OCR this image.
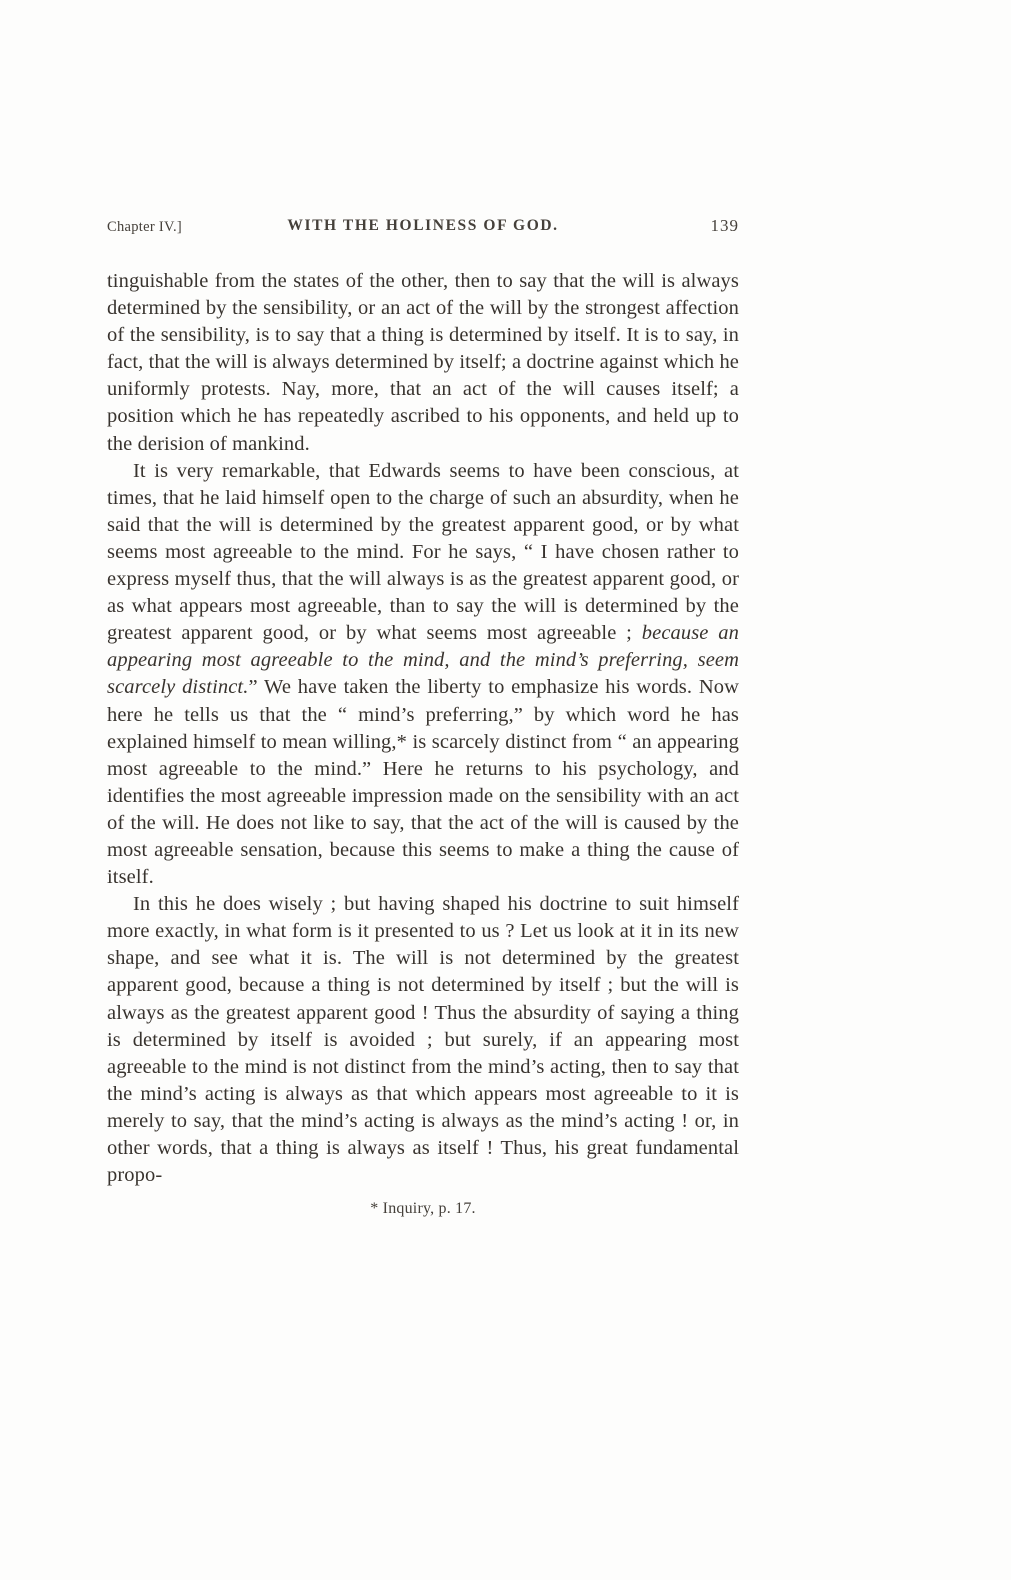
Chapter IV.]	WITH THE HOLINESS OF GOD.	139

tinguishable from the states of the other, then to say that the will is always determined by the sensibility, or an act of the will by the strongest affection of the sensibility, is to say that a thing is determined by itself. It is to say, in fact, that the will is always determined by itself; a doctrine against which he uniformly protests. Nay, more, that an act of the will causes itself; a position which he has repeatedly ascribed to his opponents, and held up to the derision of mankind.

It is very remarkable, that Edwards seems to have been conscious, at times, that he laid himself open to the charge of such an absurdity, when he said that the will is determined by the greatest apparent good, or by what seems most agreeable to the mind. For he says, “ I have chosen rather to express myself thus, that the will always is as the greatest apparent good, or as what appears most agreeable, than to say the will is determined by the greatest apparent good, or by what seems most agreeable ; because an appearing most agreeable to the mind, and the mind’s preferring, seem scarcely distinct.” We have taken the liberty to emphasize his words. Now here he tells us that the “ mind’s preferring,” by which word he has explained himself to mean willing,* is scarcely distinct from “ an appearing most agreeable to the mind.” Here he returns to his psychology, and identifies the most agreeable impression made on the sensibility with an act of the will. He does not like to say, that the act of the will is caused by the most agreeable sensation, because this seems to make a thing the cause of itself.

In this he does wisely ; but having shaped his doctrine to suit himself more exactly, in what form is it presented to us ? Let us look at it in its new shape, and see what it is. The will is not determined by the greatest apparent good, because a thing is not determined by itself ; but the will is always as the greatest apparent good ! Thus the absurdity of saying a thing is determined by itself is avoided ; but surely, if an appearing most agreeable to the mind is not distinct from the mind’s acting, then to say that the mind’s acting is always as that which appears most agreeable to it is merely to say, that the mind’s acting is always as the mind’s acting ! or, in other words, that a thing is always as itself ! Thus, his great fundamental propo-

* Inquiry, p. 17.
